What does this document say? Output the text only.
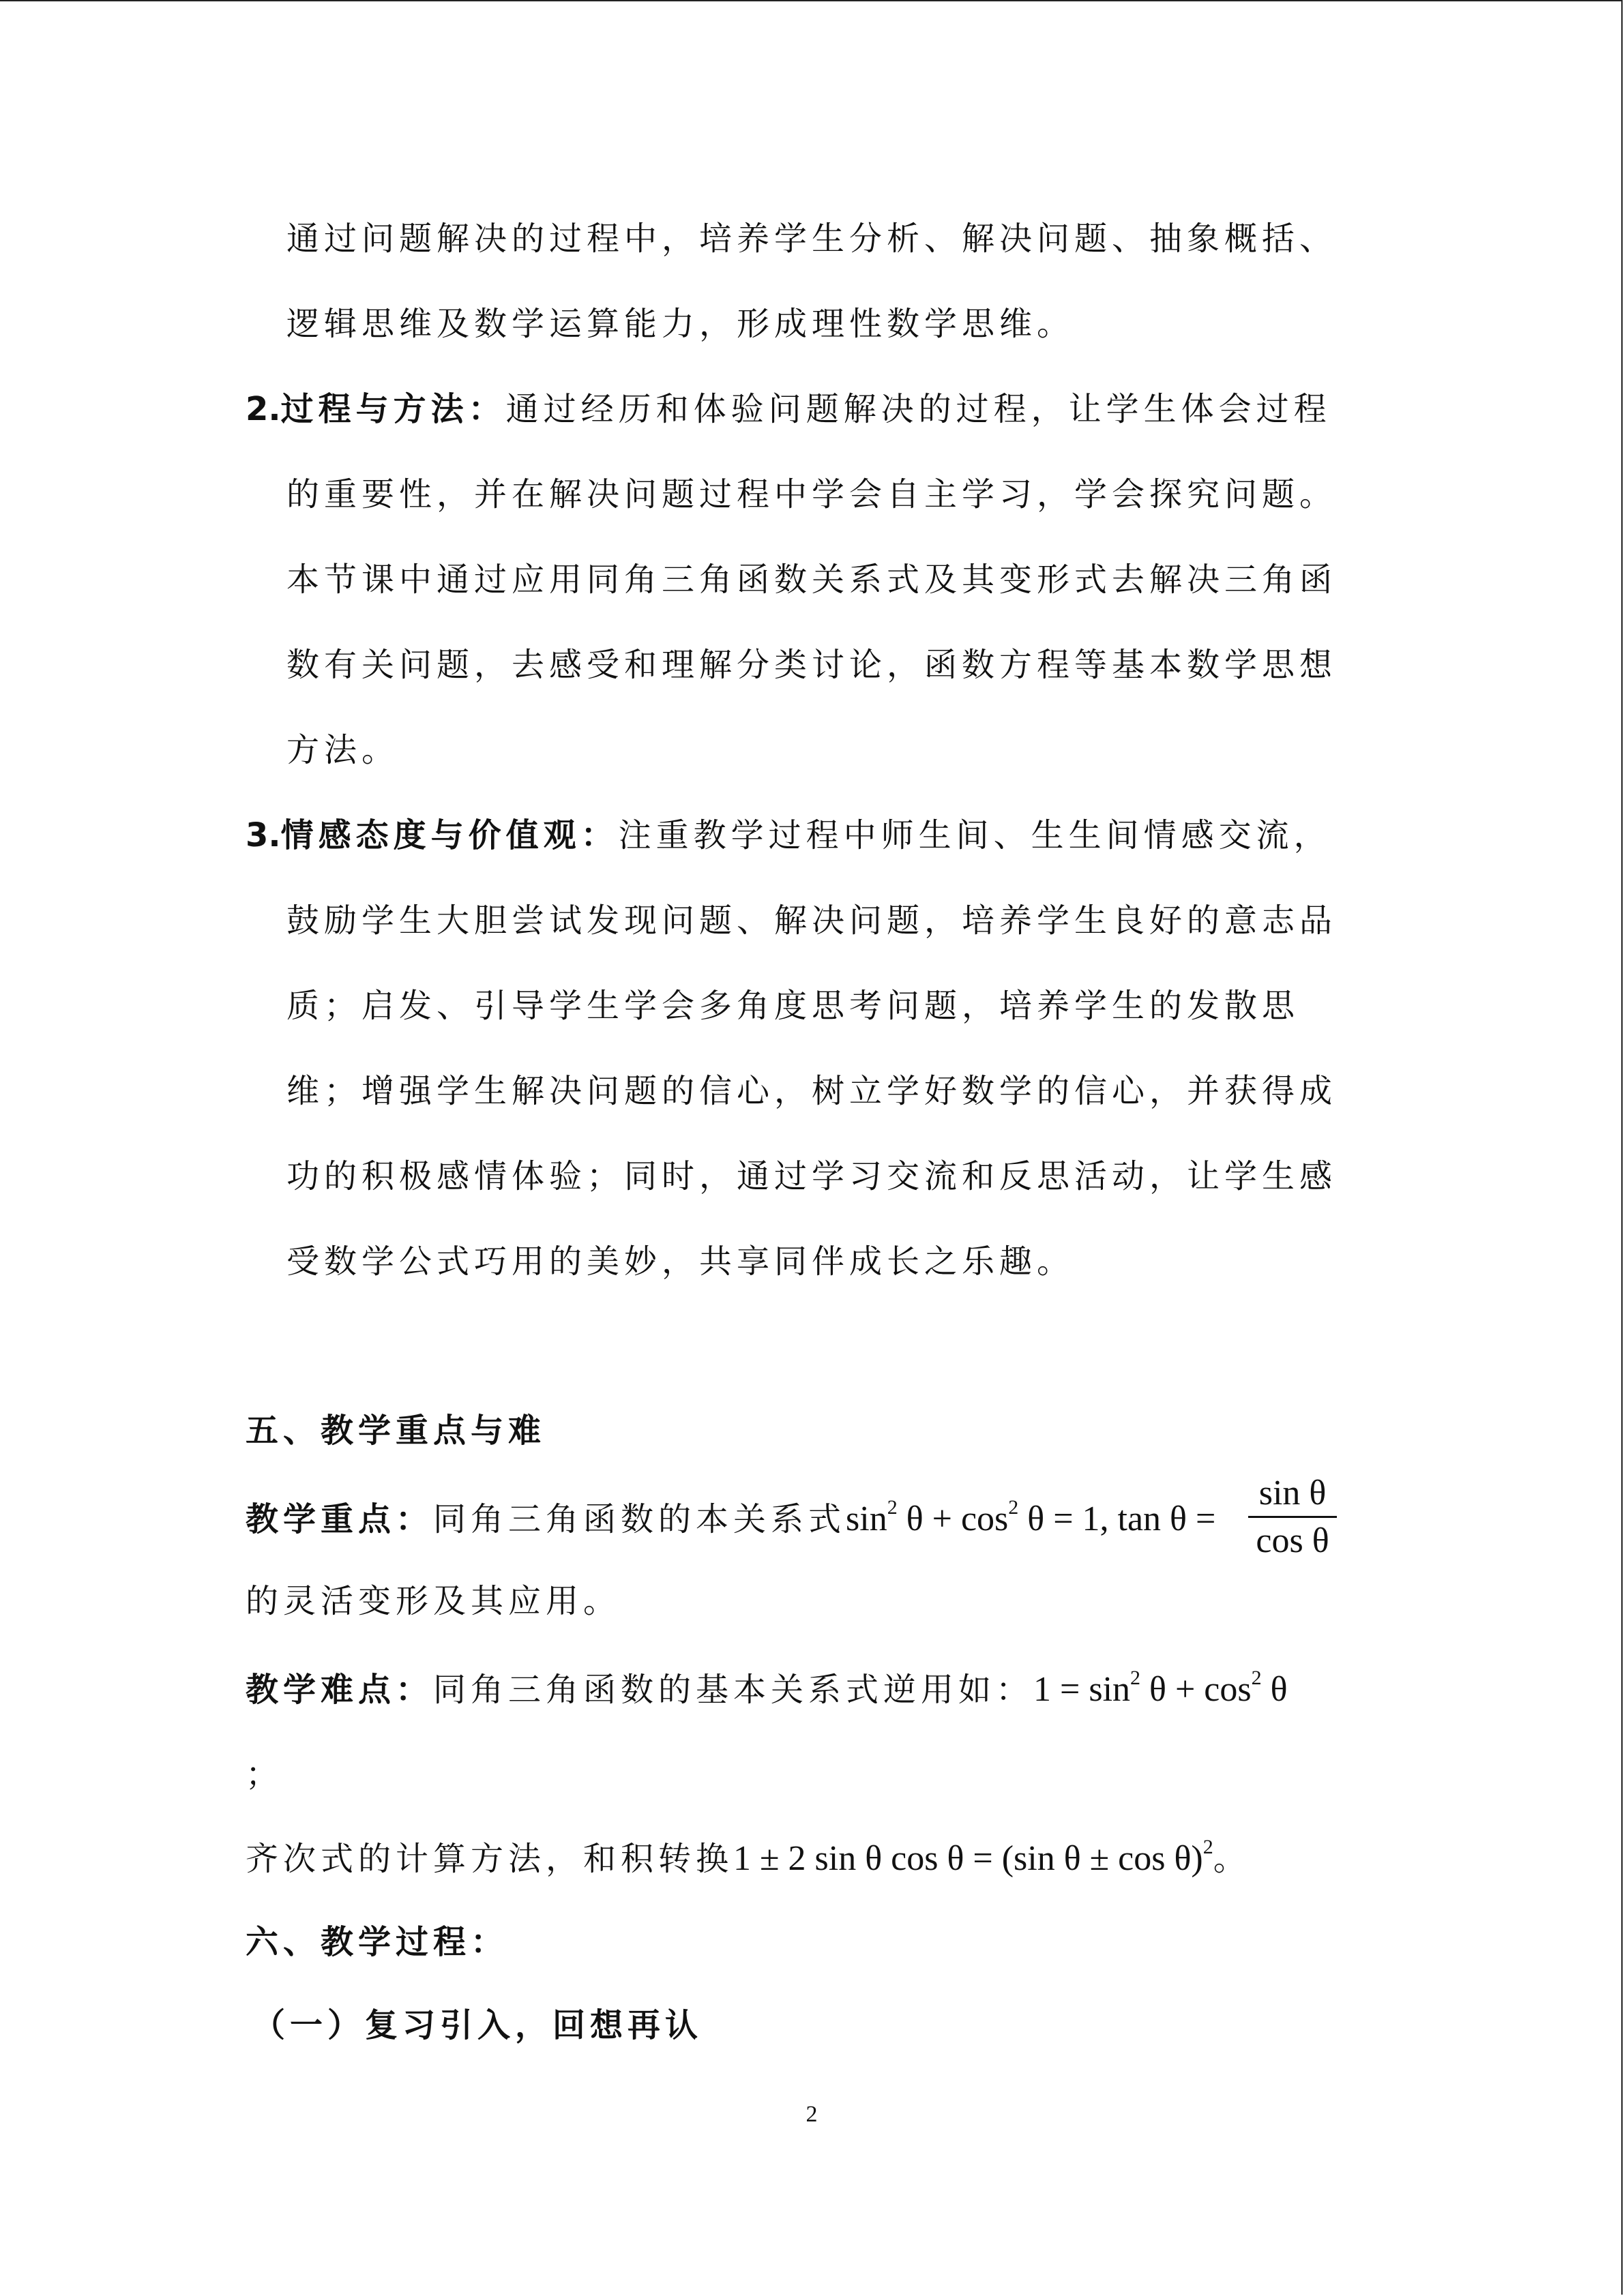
通过问题解决的过程中，培养学生分析、解决问题、抽象概括、
逻辑思维及数学运算能力，形成理性数学思维。
2.过程与方法：通过经历和体验问题解决的过程，让学生体会过程
的重要性，并在解决问题过程中学会自主学习，学会探究问题。
本节课中通过应用同角三角函数关系式及其变形式去解决三角函
数有关问题，去感受和理解分类讨论，函数方程等基本数学思想
方法。
3.情感态度与价值观：注重教学过程中师生间、生生间情感交流，
鼓励学生大胆尝试发现问题、解决问题，培养学生良好的意志品
质；启发、引导学生学会多角度思考问题，培养学生的发散思
维；增强学生解决问题的信心，树立学好数学的信心，并获得成
功的积极感情体验；同时，通过学习交流和反思活动，让学生感
受数学公式巧用的美妙，共享同伴成长之乐趣。
五、教学重点与难
教学重点：同角三角函数的本关系式$\sin^2 \theta + \cos^2 \theta = 1$, tan θ =
sin θ
cos θ
的灵活变形及其应用。
教学难点：同角三角函数的基本关系式逆用如：$1 = \sin^2 \theta + \cos^2 \theta$
；
齐次式的计算方法，和积转换1 ± 2 sin θ cos θ = (sin θ ± cos θ)$^2$。
六、教学过程：
（一）复习引入，回想再认
2
